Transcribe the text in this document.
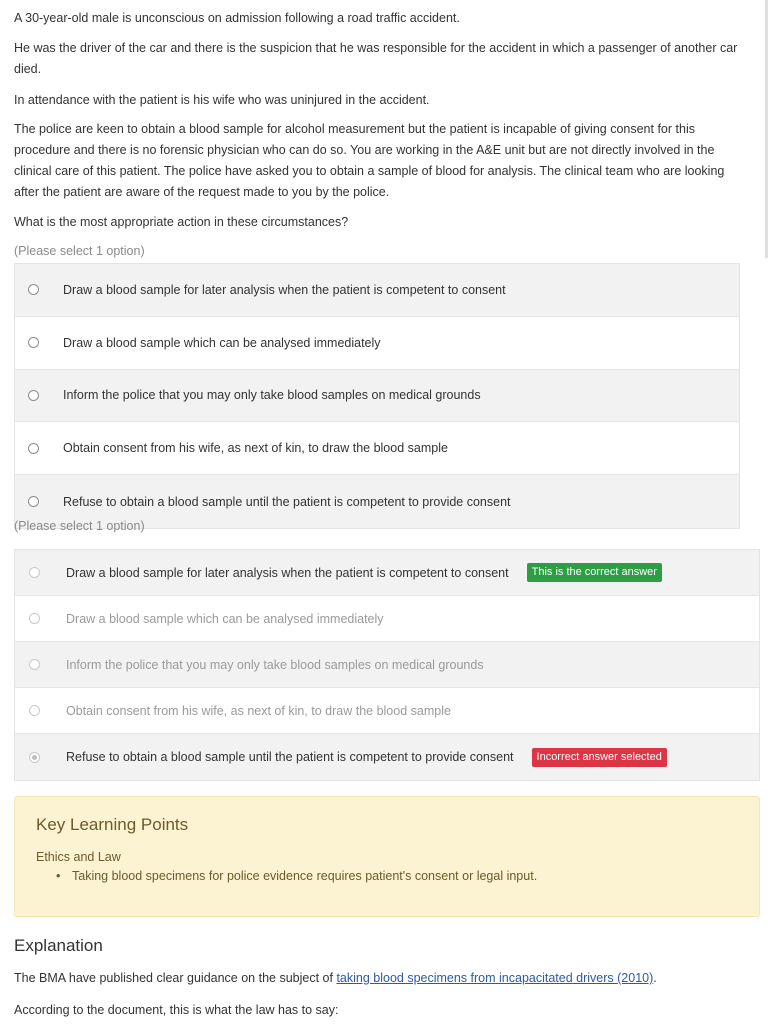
A 30-year-old male is unconscious on admission following a road traffic accident.

He was the driver of the car and there is the suspicion that he was responsible for the accident in which a passenger of another car died.

In attendance with the patient is his wife who was uninjured in the accident.

The police are keen to obtain a blood sample for alcohol measurement but the patient is incapable of giving consent for this procedure and there is no forensic physician who can do so. You are working in the A&E unit but are not directly involved in the clinical care of this patient. The police have asked you to obtain a sample of blood for analysis. The clinical team who are looking after the patient are aware of the request made to you by the police.

What is the most appropriate action in these circumstances?

(Please select 1 option)
Draw a blood sample for later analysis when the patient is competent to consent
Draw a blood sample which can be analysed immediately
Inform the police that you may only take blood samples on medical grounds
Obtain consent from his wife, as next of kin, to draw the blood sample
Refuse to obtain a blood sample until the patient is competent to provide consent
(Please select 1 option)
Draw a blood sample for later analysis when the patient is competent to consent	This is the correct answer
Draw a blood sample which can be analysed immediately
Inform the police that you may only take blood samples on medical grounds
Obtain consent from his wife, as next of kin, to draw the blood sample
Refuse to obtain a blood sample until the patient is competent to provide consent	Incorrect answer selected
Key Learning Points
Ethics and Law
• Taking blood specimens for police evidence requires patient's consent or legal input.
Explanation
The BMA have published clear guidance on the subject of taking blood specimens from incapacitated drivers (2010).
According to the document, this is what the law has to say:
